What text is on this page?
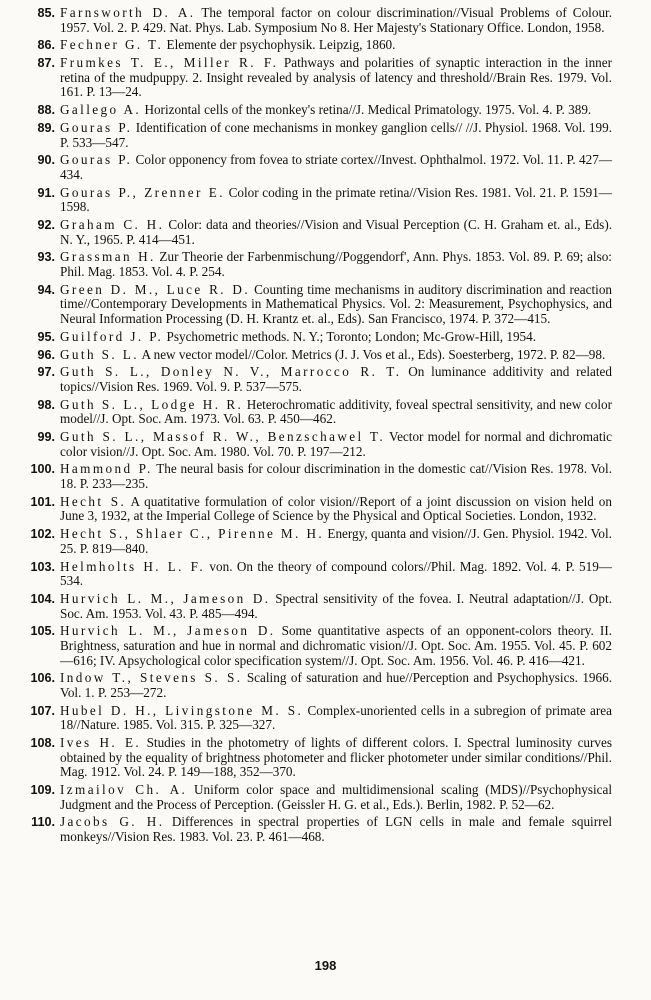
85. Farnsworth D. A. The temporal factor on colour discrimination//Visual Problems of Colour. 1957. Vol. 2. P. 429. Nat. Phys. Lab. Symposium No 8. Her Majesty's Stationary Office. London, 1958.
86. Fechner G. T. Elemente der psychophysik. Leipzig, 1860.
87. Frumkes T. E., Miller R. F. Pathways and polarities of synaptic interaction in the inner retina of the mudpuppy. 2. Insight revealed by analysis of latency and threshold//Brain Res. 1979. Vol. 161. P. 13—24.
88. Gallego A. Horizontal cells of the monkey's retina//J. Medical Primatology. 1975. Vol. 4. P. 389.
89. Gouras P. Identification of cone mechanisms in monkey ganglion cells// //J. Physiol. 1968. Vol. 199. P. 533—547.
90. Gouras P. Color opponency from fovea to striate cortex//Invest. Ophthalmol. 1972. Vol. 11. P. 427—434.
91. Gouras P., Zrenner E. Color coding in the primate retina//Vision Res. 1981. Vol. 21. P. 1591—1598.
92. Graham C. H. Color: data and theories//Vision and Visual Perception (C. H. Graham et. al., Eds). N. Y., 1965. P. 414—451.
93. Grassman H. Zur Theorie der Farbenmischung//Poggendorf', Ann. Phys. 1853. Vol. 89. P. 69; also: Phil. Mag. 1853. Vol. 4. P. 254.
94. Green D. M., Luce R. D. Counting time mechanisms in auditory discrimination and reaction time//Contemporary Developments in Mathematical Physics. Vol. 2: Measurement, Psychophysics, and Neural Information Processing (D. H. Krantz et. al., Eds). San Francisco, 1974. P. 372—415.
95. Guilford J. P. Psychometric methods. N. Y.; Toronto; London; Mc-Grow-Hill, 1954.
96. Guth S. L. A new vector model//Color. Metrics (J. J. Vos et al., Eds). Soesterberg, 1972. P. 82—98.
97. Guth S. L., Donley N. V., Marrocco R. T. On luminance additivity and related topics//Vision Res. 1969. Vol. 9. P. 537—575.
98. Guth S. L., Lodge H. R. Heterochromatic additivity, foveal spectral sensitivity, and new color model//J. Opt. Soc. Am. 1973. Vol. 63. P. 450—462.
99. Guth S. L., Massof R. W., Benzschawel T. Vector model for normal and dichromatic color vision//J. Opt. Soc. Am. 1980. Vol. 70. P. 197—212.
100. Hammond P. The neural basis for colour discrimination in the domestic cat//Vision Res. 1978. Vol. 18. P. 233—235.
101. Hecht S. A quatitative formulation of color vision//Report of a joint discussion on vision held on June 3, 1932, at the Imperial College of Science by the Physical and Optical Societies. London, 1932.
102. Hecht S., Shlaer C., Pirenne M. H. Energy, quanta and vision//J. Gen. Physiol. 1942. Vol. 25. P. 819—840.
103. Helmholts H. L. F. von. On the theory of compound colors//Phil. Mag. 1892. Vol. 4. P. 519—534.
104. Hurvich L. M., Jameson D. Spectral sensitivity of the fovea. I. Neutral adaptation//J. Opt. Soc. Am. 1953. Vol. 43. P. 485—494.
105. Hurvich L. M., Jameson D. Some quantitative aspects of an opponent-colors theory. II. Brightness, saturation and hue in normal and dichromatic vision//J. Opt. Soc. Am. 1955. Vol. 45. P. 602—616; IV. Apsychological color specification system//J. Opt. Soc. Am. 1956. Vol. 46. P. 416—421.
106. Indow T., Stevens S. S. Scaling of saturation and hue//Perception and Psychophysics. 1966. Vol. 1. P. 253—272.
107. Hubel D. H., Livingstone M. S. Complex-unoriented cells in a subregion of primate area 18//Nature. 1985. Vol. 315. P. 325—327.
108. Ives H. E. Studies in the photometry of lights of different colors. I. Spectral luminosity curves obtained by the equality of brightness photometer and flicker photometer under similar conditions//Phil. Mag. 1912. Vol. 24. P. 149—188, 352—370.
109. Izmailov Ch. A. Uniform color space and multidimensional scaling (MDS)//Psychophysical Judgment and the Process of Perception. (Geissler H. G. et al., Eds.). Berlin, 1982. P. 52—62.
110. Jacobs G. H. Differences in spectral properties of LGN cells in male and female squirrel monkeys//Vision Res. 1983. Vol. 23. P. 461—468.
198
